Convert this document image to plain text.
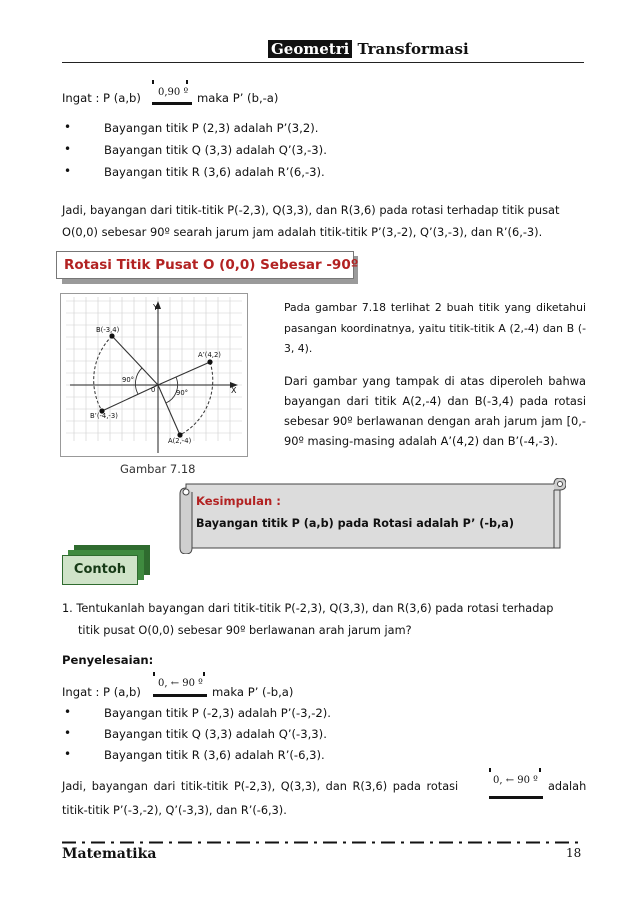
Geometri Transformasi
Ingat : P (a,b) 0,90 º maka P’ (b,-a)
•	Bayangan titik P (2,3) adalah P’(3,2).
•	Bayangan titik Q (3,3) adalah Q’(3,-3).
•	Bayangan titik R (3,6) adalah R’(6,-3).
Jadi, bayangan dari titik-titik P(-2,3), Q(3,3), dan R(3,6) pada rotasi terhadap titik pusat
O(0,0) sebesar 90º searah jarum jam adalah titik-titik P’(3,-2), Q’(3,-3), dan R’(6,-3).
Rotasi Titik Pusat O (0,0) Sebesar -90º
Y
X
B(-3,4)
A’(4,2)
B’(-4,-3)
A(2,-4)
90°
90°
0
Gambar 7.18
Pada gambar 7.18 terlihat 2 buah titik yang diketahui
pasangan koordinatnya, yaitu titik-titik A (2,-4) dan B (-
3, 4).
Dari gambar yang tampak di atas diperoleh bahwa
bayangan dari titik A(2,-4) dan B(-3,4) pada rotasi
sebesar 90º berlawanan dengan arah jarum jam [0,-
90º masing-masing adalah A’(4,2) dan B’(-4,-3).
Kesimpulan :
Bayangan titik P (a,b) pada Rotasi adalah P’ (-b,a)
Contoh
1. Tentukanlah bayangan dari titik-titik P(-2,3), Q(3,3), dan R(3,6) pada rotasi terhadap
titik pusat O(0,0) sebesar 90º berlawanan arah jarum jam?
Penyelesaian:
Ingat : P (a,b)
0, ← 90 º
maka P’ (-b,a)
•	Bayangan titik P (-2,3) adalah P’(-3,-2).
•	Bayangan titik Q (3,3) adalah Q’(-3,3).
•	Bayangan titik R (3,6) adalah R’(-6,3).
Jadi, bayangan dari titik-titik P(-2,3), Q(3,3), dan R(3,6) pada rotasi	0, ← 90 º adalah
titik-titik P’(-3,-2), Q’(-3,3), dan R’(-6,3).
Matematika	18
